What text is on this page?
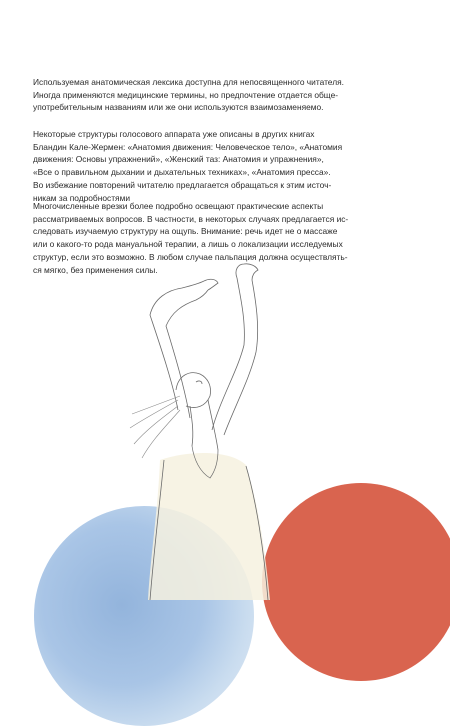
Используемая анатомическая лексика доступна для непосвященного читателя.
Иногда применяются медицинские термины, но предпочтение отдается обще-
употребительным названиям или же они используются взаимозаменяемо.
Некоторые структуры голосового аппарата уже описаны в других книгах
Бландин Кале-Жермен: «Анатомия движения: Человеческое тело», «Анатомия
движения: Основы упражнений», «Женский таз: Анатомия и упражнения»,
«Все о правильном дыхании и дыхательных техниках», «Анатомия пресса».
Во избежание повторений читателю предлагается обращаться к этим источ-
никам за подробностями
Многочисленные врезки более подробно освещают практические аспекты
рассматриваемых вопросов. В частности, в некоторых случаях предлагается ис-
следовать изучаемую структуру на ощупь. Внимание: речь идет не о массаже
или о какого-то рода мануальной терапии, а лишь о локализации исследуемых
структур, если это возможно. В любом случае пальпация должна осуществлять-
ся мягко, без применения силы.
